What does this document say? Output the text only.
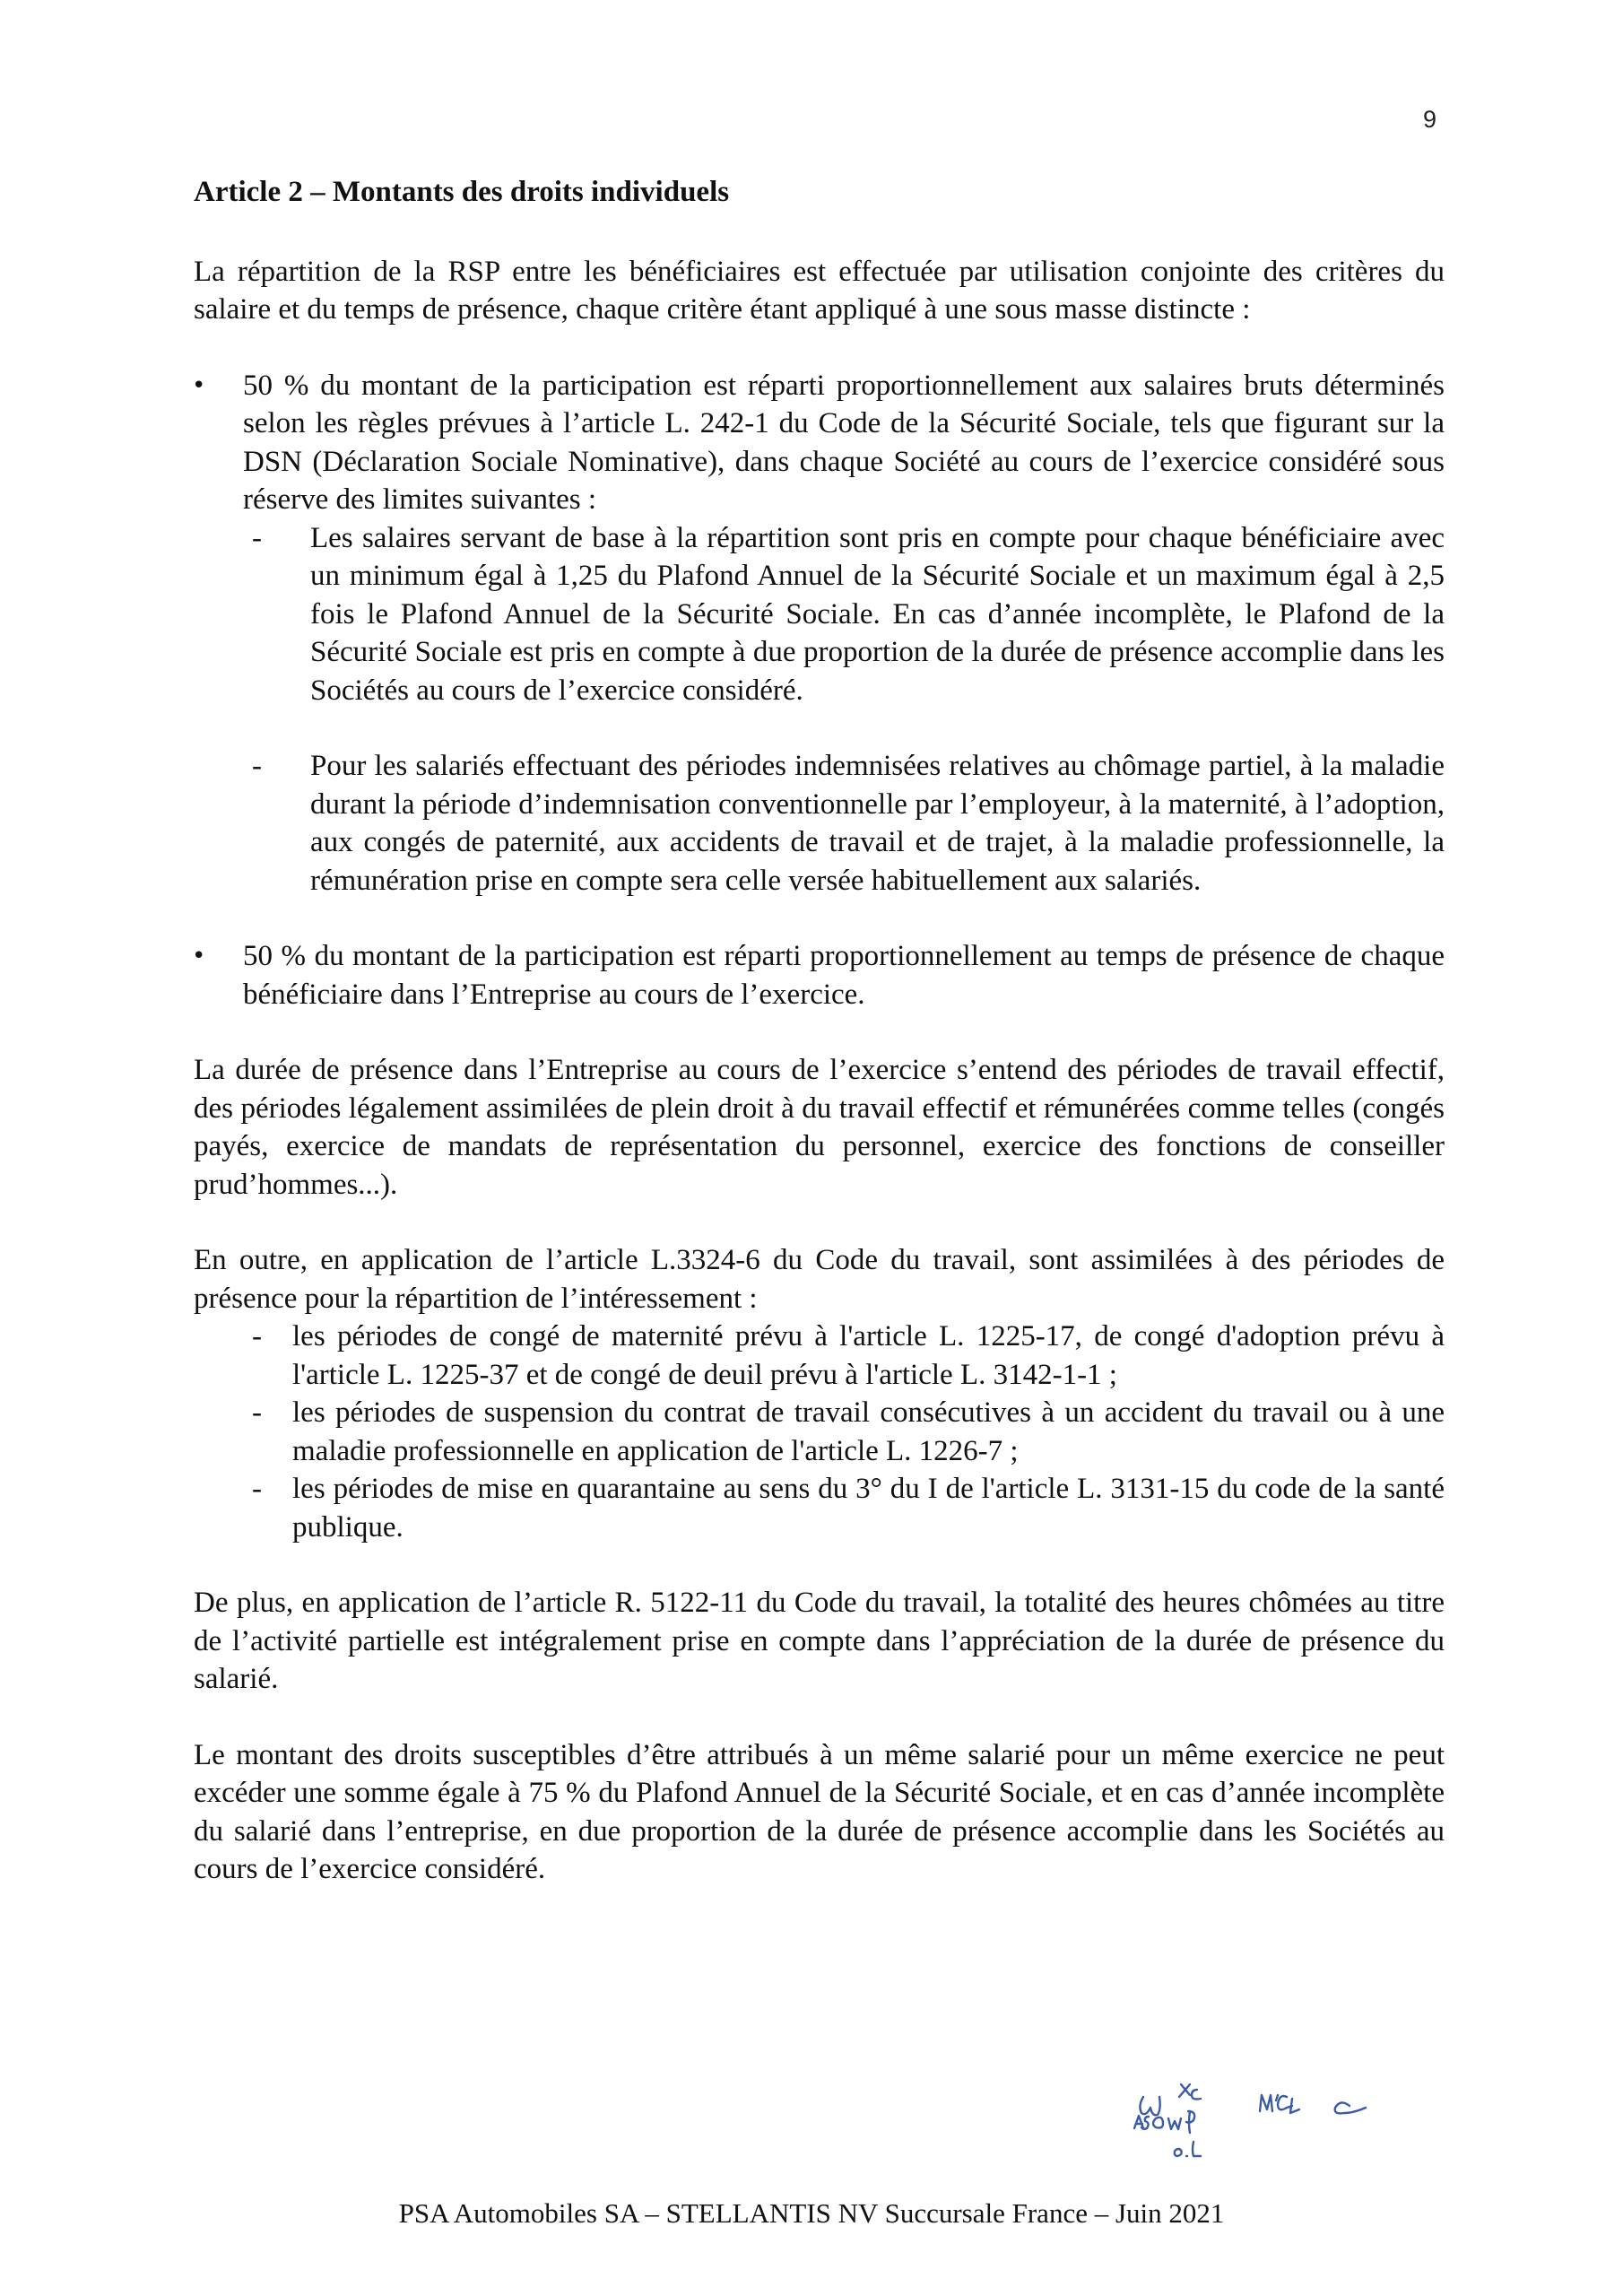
9
Article 2 – Montants des droits individuels

La répartition de la RSP entre les bénéficiaires est effectuée par utilisation conjointe des critères du salaire et du temps de présence, chaque critère étant appliqué à une sous masse distincte :

• 50 % du montant de la participation est réparti proportionnellement aux salaires bruts déterminés selon les règles prévues à l’article L. 242-1 du Code de la Sécurité Sociale, tels que figurant sur la DSN (Déclaration Sociale Nominative), dans chaque Société au cours de l’exercice considéré sous réserve des limites suivantes :

- Les salaires servant de base à la répartition sont pris en compte pour chaque bénéficiaire avec un minimum égal à 1,25 du Plafond Annuel de la Sécurité Sociale et un maximum égal à 2,5 fois le Plafond Annuel de la Sécurité Sociale. En cas d’année incomplète, le Plafond de la Sécurité Sociale est pris en compte à due proportion de la durée de présence accomplie dans les Sociétés au cours de l’exercice considéré.
- Pour les salariés effectuant des périodes indemnisées relatives au chômage partiel, à la maladie durant la période d’indemnisation conventionnelle par l’employeur, à la maternité, à l’adoption, aux congés de paternité, aux accidents de travail et de trajet, à la maladie professionnelle, la rémunération prise en compte sera celle versée habituellement aux salariés.
• 50 % du montant de la participation est réparti proportionnellement au temps de présence de chaque bénéficiaire dans l’Entreprise au cours de l’exercice.

La durée de présence dans l’Entreprise au cours de l’exercice s’entend des périodes de travail effectif, des périodes légalement assimilées de plein droit à du travail effectif et rémunérées comme telles (congés payés, exercice de mandats de représentation du personnel, exercice des fonctions de conseiller prud’hommes...).

En outre, en application de l’article L.3324-6 du Code du travail, sont assimilées à des périodes de présence pour la répartition de l’intéressement :

- les périodes de congé de maternité prévu à l'article L. 1225-17, de congé d'adoption prévu à l'article L. 1225-37 et de congé de deuil prévu à l'article L. 3142-1-1 ;
- les périodes de suspension du contrat de travail consécutives à un accident du travail ou à une maladie professionnelle en application de l'article L. 1226-7 ;
- les périodes de mise en quarantaine au sens du 3° du I de l'article L. 3131-15 du code de la santé publique.

De plus, en application de l’article R. 5122-11 du Code du travail, la totalité des heures chômées au titre de l’activité partielle est intégralement prise en compte dans l’appréciation de la durée de présence du salarié.

Le montant des droits susceptibles d’être attribués à un même salarié pour un même exercice ne peut excéder une somme égale à 75 % du Plafond Annuel de la Sécurité Sociale, et en cas d’année incomplète du salarié dans l’entreprise, en due proportion de la durée de présence accomplie dans les Sociétés au cours de l’exercice considéré.

PSA Automobiles SA – STELLANTIS NV Succursale France – Juin 2021
